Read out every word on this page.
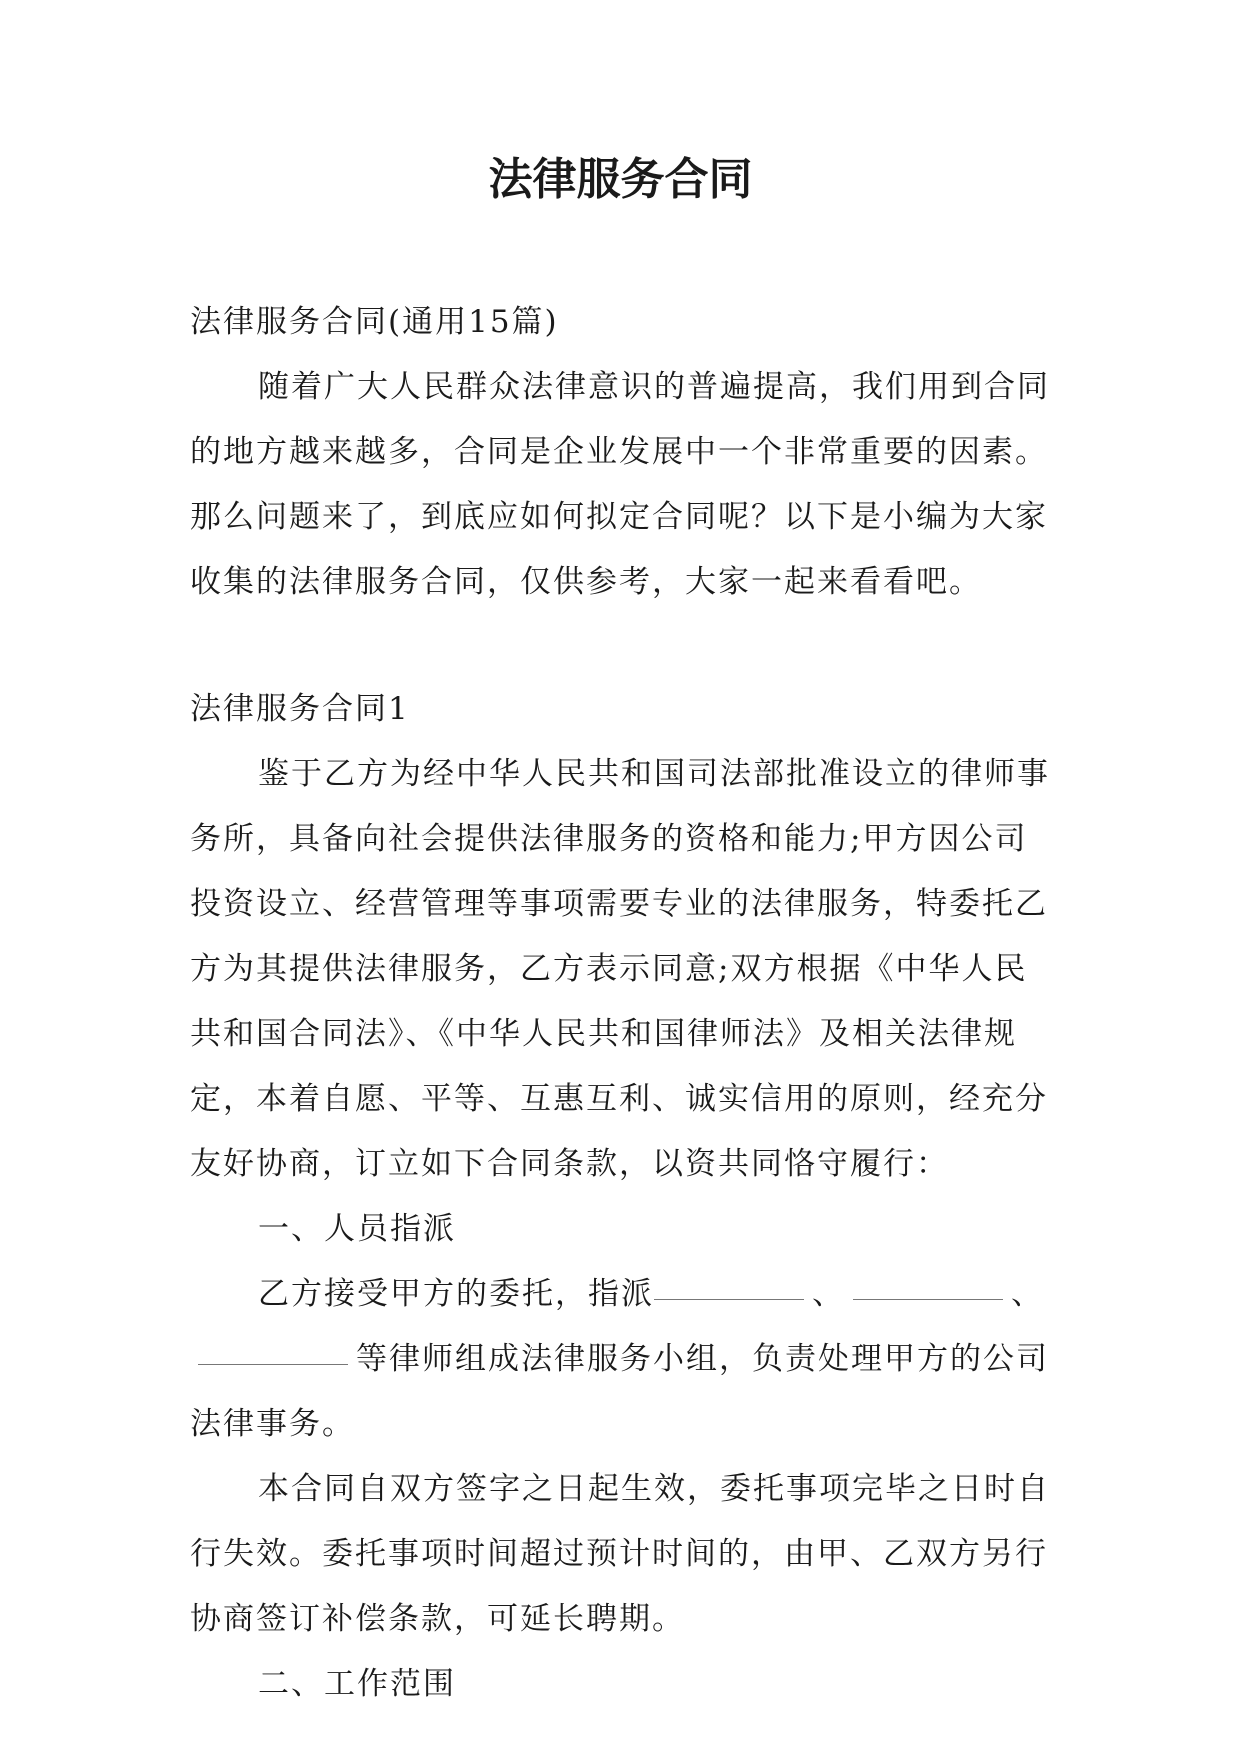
法律服务合同

法律服务合同(通用15篇)

随着广大人民群众法律意识的普遍提高，我们用到合同的地方越来越多，合同是企业发展中一个非常重要的因素。那么问题来了，到底应如何拟定合同呢？以下是小编为大家收集的法律服务合同，仅供参考，大家一起来看看吧。

法律服务合同1

鉴于乙方为经中华人民共和国司法部批准设立的律师事务所，具备向社会提供法律服务的资格和能力;甲方因公司投资设立、经营管理等事项需要专业的法律服务，特委托乙方为其提供法律服务，乙方表示同意;双方根据《中华人民共和国合同法》、《中华人民共和国律师法》及相关法律规定，本着自愿、平等、互惠互利、诚实信用的原则，经充分友好协商，订立如下合同条款，以资共同恪守履行：

一、人员指派

乙方接受甲方的委托，指派	、	、等律师组成法律服务小组，负责处理甲方的公司法律事务。

本合同自双方签字之日起生效，委托事项完毕之日时自行失效。委托事项时间超过预计时间的，由甲、乙双方另行协商签订补偿条款，可延长聘期。

二、工作范围
